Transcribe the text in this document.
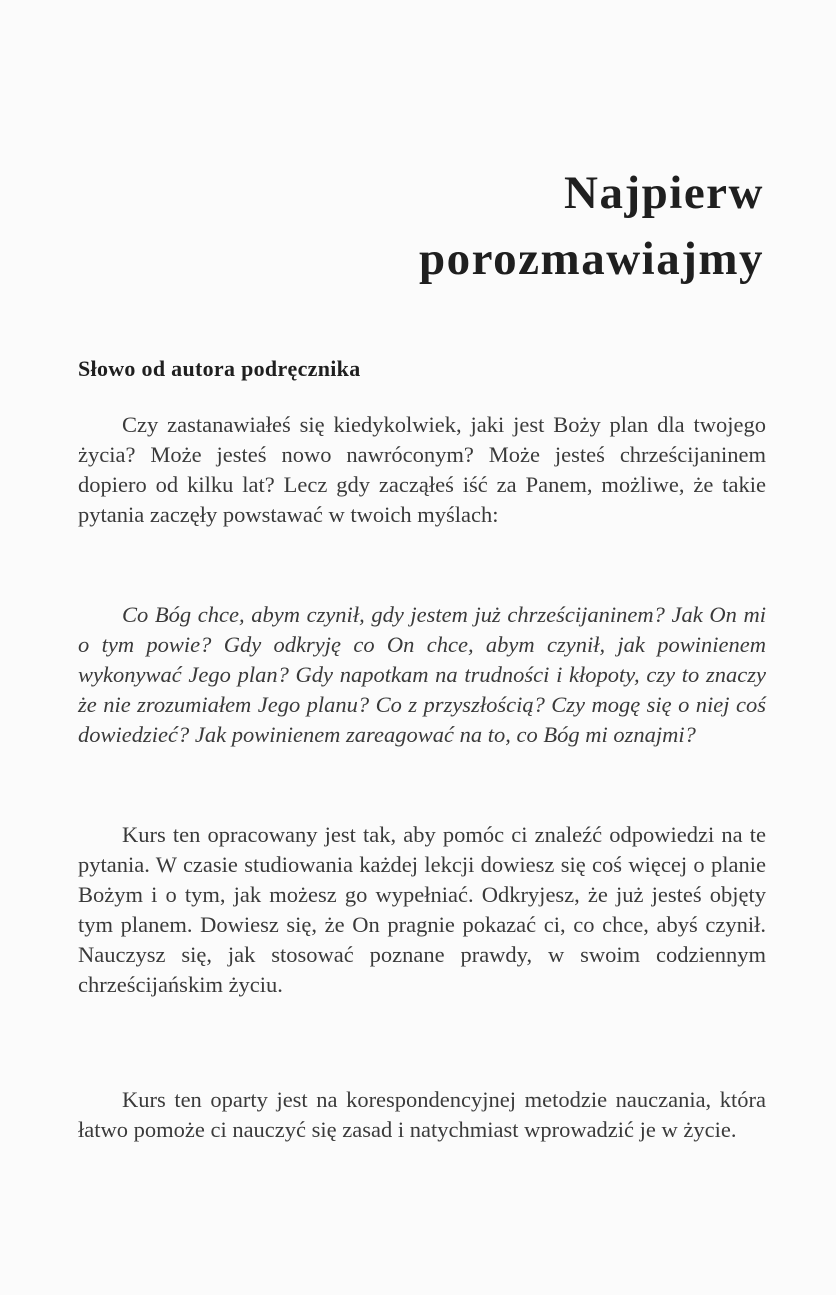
Najpierw
porozmawiajmy
Słowo od autora podręcznika

Czy zastanawiałeś się kiedykolwiek, jaki jest Boży plan dla twojego życia? Może jesteś nowo nawróconym? Może jesteś chrześcijaninem dopiero od kilku lat? Lecz gdy zacząłeś iść za Panem, możliwe, że takie pytania zaczęły powstawać w twoich myślach:

Co Bóg chce, abym czynił, gdy jestem już chrześcijaninem? Jak On mi o tym powie? Gdy odkryję co On chce, abym czynił, jak powinienem wykonywać Jego plan? Gdy napotkam na trudności i kłopoty, czy to znaczy że nie zrozumiałem Jego planu? Co z przyszłością? Czy mogę się o niej coś dowiedzieć? Jak powinienem zareagować na to, co Bóg mi oznajmi?

Kurs ten opracowany jest tak, aby pomóc ci znaleźć odpowiedzi na te pytania. W czasie studiowania każdej lekcji dowiesz się coś więcej o planie Bożym i o tym, jak możesz go wypełniać. Odkryjesz, że już jesteś objęty tym planem. Dowiesz się, że On pragnie pokazać ci, co chce, abyś czynił. Nauczysz się, jak stosować poznane prawdy, w swoim codziennym chrześcijańskim życiu.

Kurs ten oparty jest na korespondencyjnej metodzie nauczania, która łatwo pomoże ci nauczyć się zasad i natychmiast wprowadzić je w życie.
